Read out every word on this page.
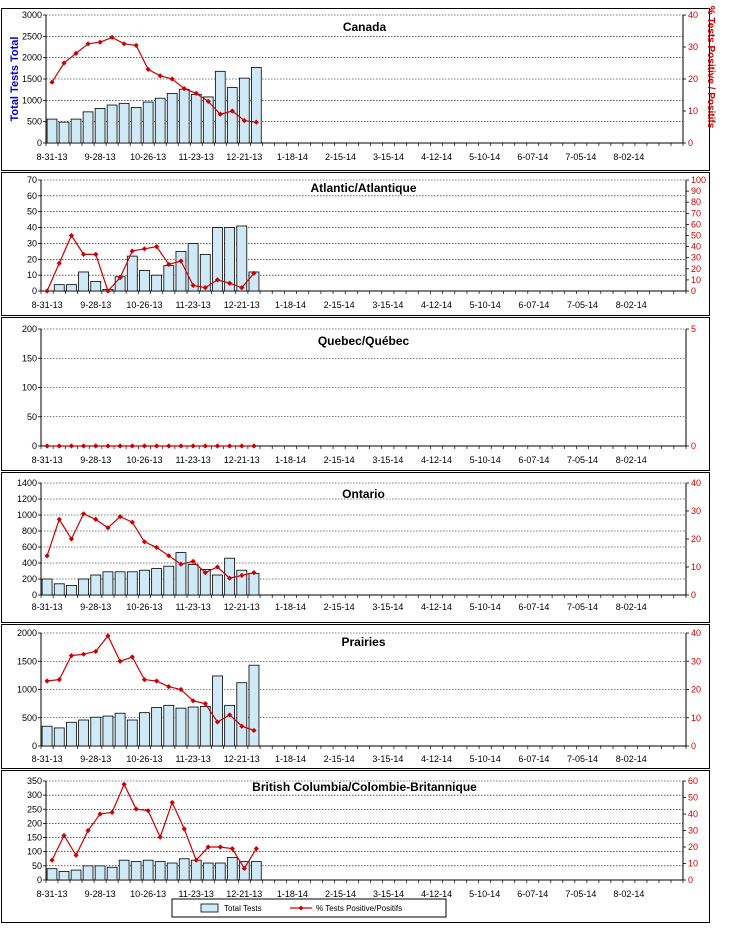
0
500
1000
1500
2000
2500
3000
0
10
20
30
40
8-31-13 9-28-13 10-26-13 11-23-13 12-21-13 1-18-14 2-15-14 3-15-14 4-12-14 5-10-14 6-07-14 7-05-14 8-02-14
Canada
Total Tests Total	% Tests Positive / Positifs
0
10
20
30
40
50
60
70
0
10
20
30
40
50
60
70
80
90
100
8-31-13 9-28-13 10-26-13 11-23-13 12-21-13 1-18-14 2-15-14 3-15-14 4-12-14 5-10-14 6-07-14 7-05-14 8-02-14
Atlantic/Atlantique
0
50
100
150
200
0
5
8-31-13 9-28-13 10-26-13 11-23-13 12-21-13 1-18-14 2-15-14 3-15-14 4-12-14 5-10-14 6-07-14 7-05-14 8-02-14
Quebec/Québec
0
200
400
600
800
1000
1200
1400
0
10
20
30
40
8-31-13 9-28-13 10-26-13 11-23-13 12-21-13 1-18-14 2-15-14 3-15-14 4-12-14 5-10-14 6-07-14 7-05-14 8-02-14
Ontario
0
500
1000
1500
2000
0
10
20
30
40
8-31-13 9-28-13 10-26-13 11-23-13 12-21-13 1-18-14 2-15-14 3-15-14 4-12-14 5-10-14 6-07-14 7-05-14 8-02-14
Prairies
0
50
100
150
200
250
300
350
0
10
20
30
40
50
60
8-31-13 9-28-13 10-26-13 11-23-13 12-21-13 1-18-14 2-15-14 3-15-14 4-12-14 5-10-14 6-07-14 7-05-14 8-02-14
British Columbia/Colombie-Britannique
Total Tests	% Tests Positive/Positifs
